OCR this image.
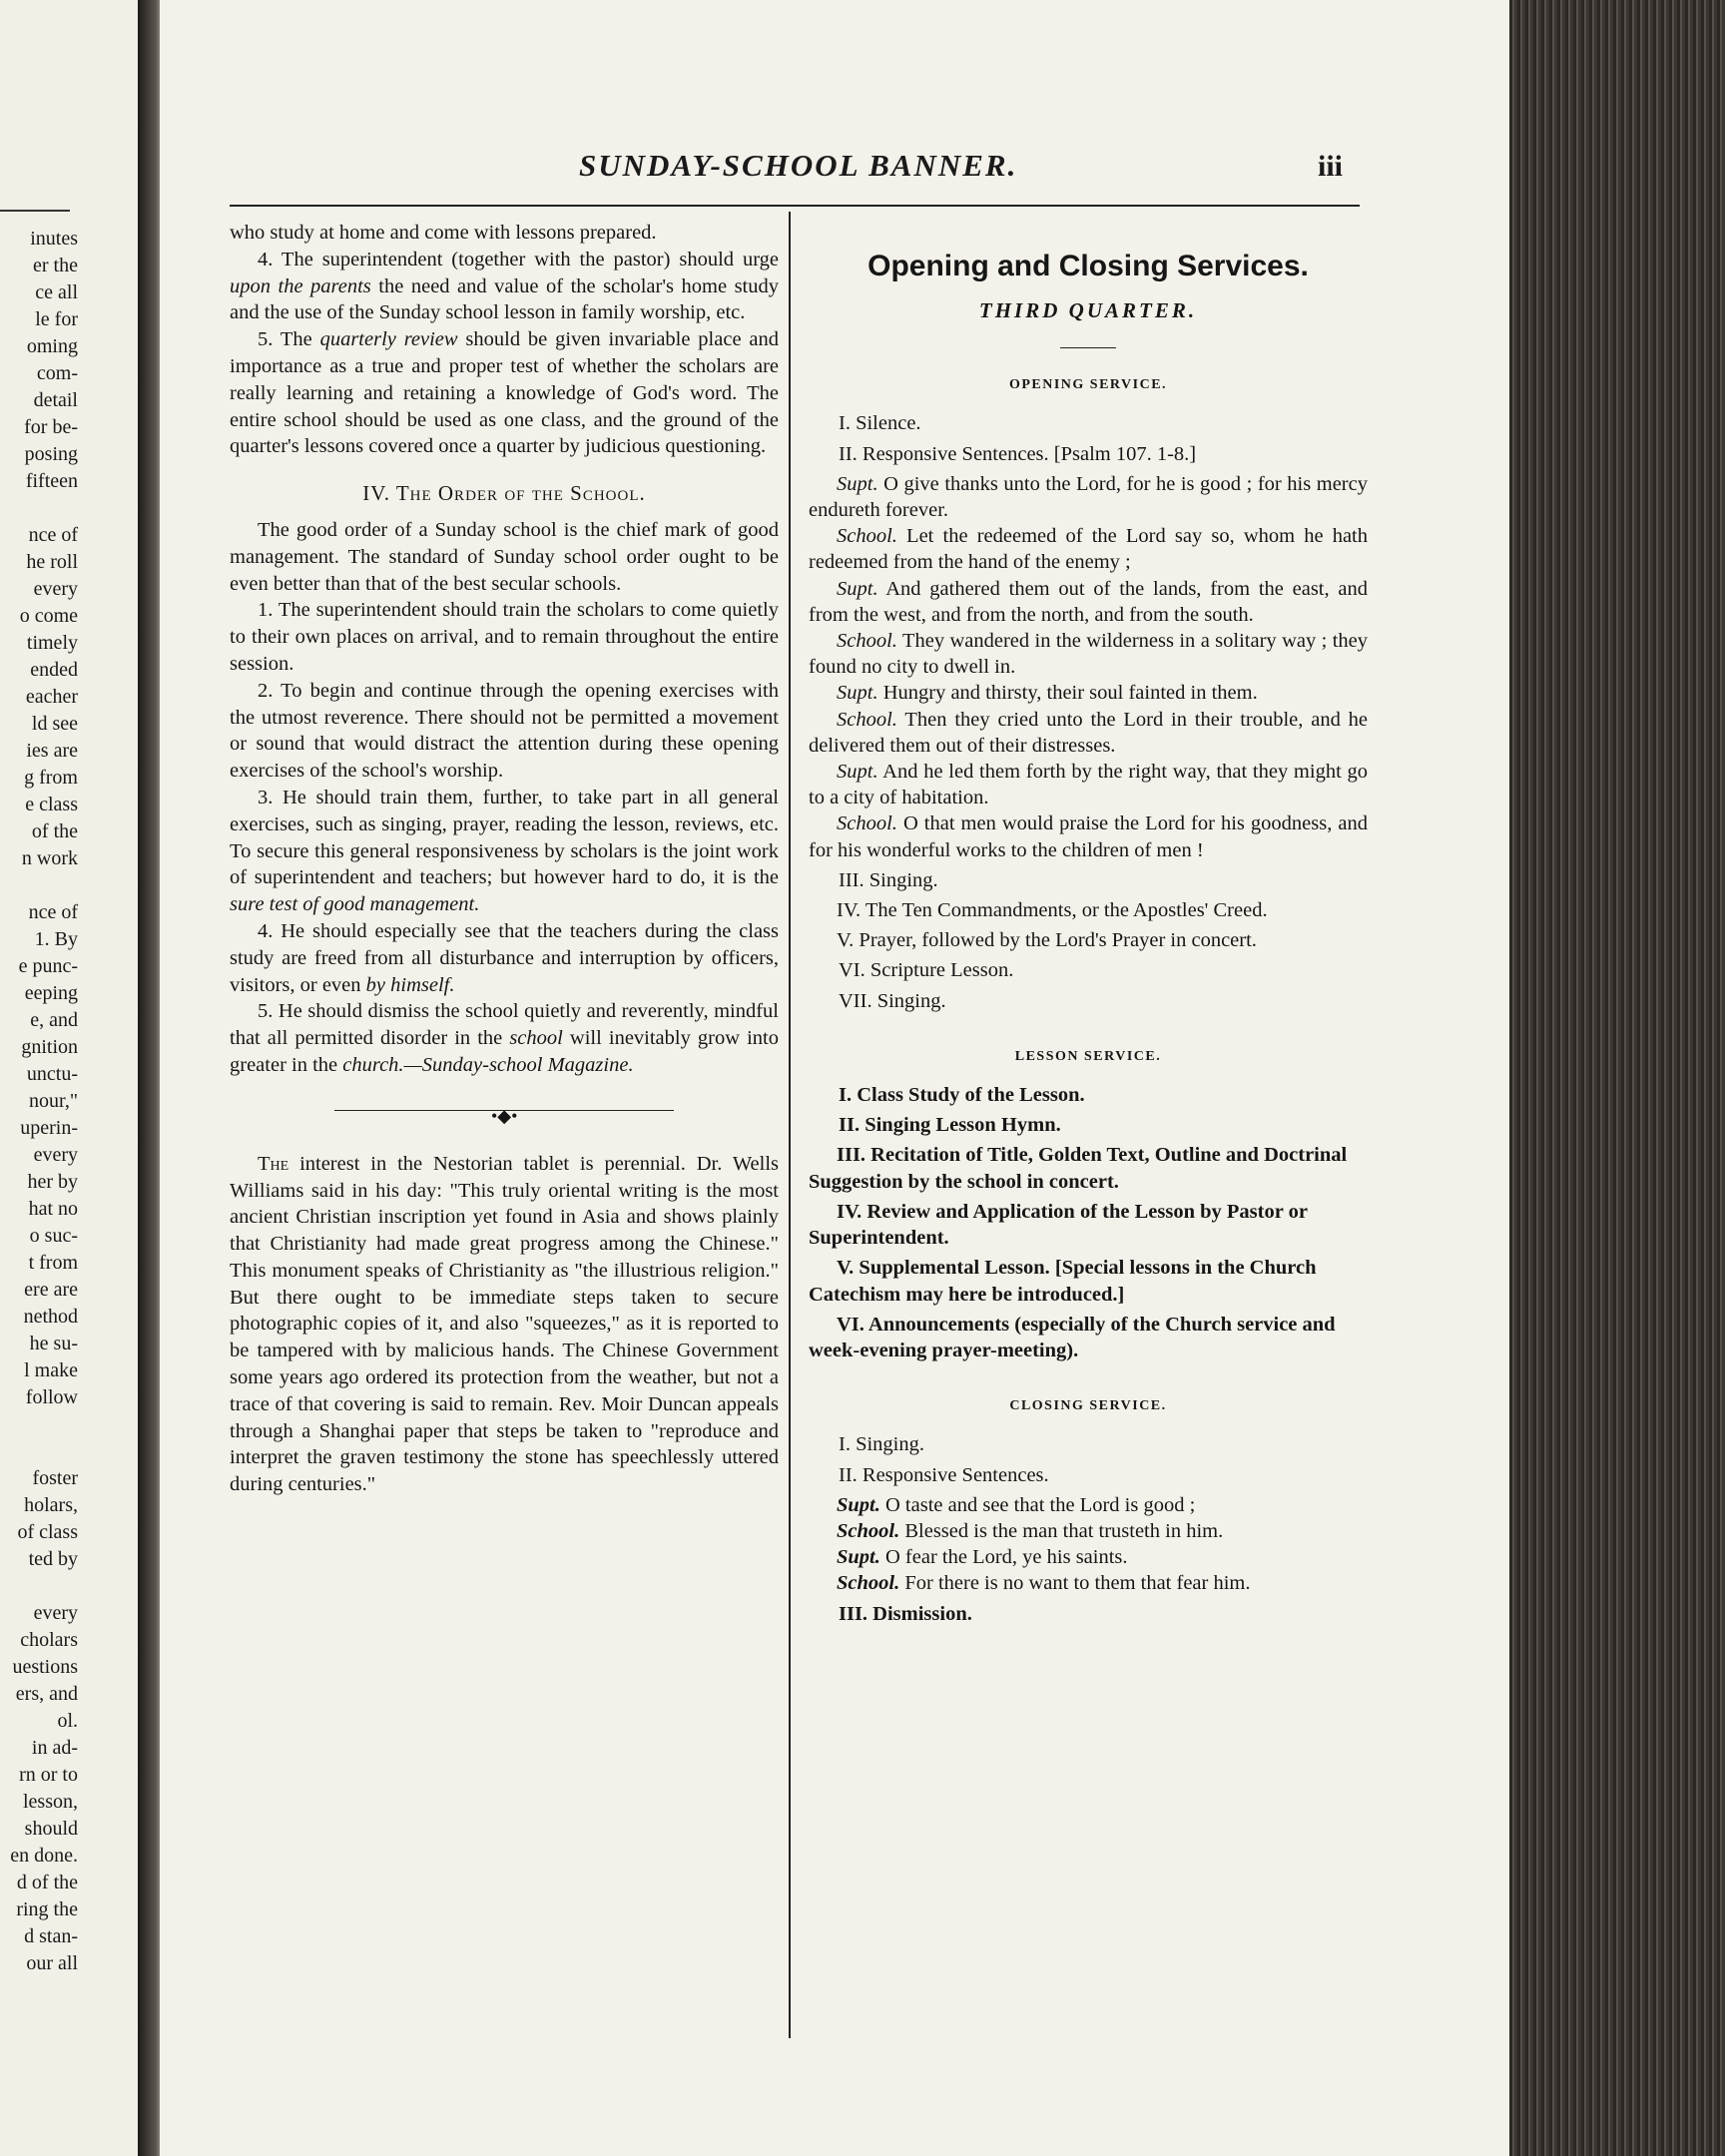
inutes
er the
ce all
le for
oming
com-
detail
for be-
posing
fifteen
nce of
he roll
every
o come
timely
ended
eacher
ld see
ies are
g from
e class
of the
n work
nce of
1. By
e punc-
eeping
e, and
gnition
unctu-
nour,"
uperin-
every
her by
hat no
o suc-
t from
ere are
nethod
he su-
l make
follow
foster
holars,
of class
ted by
every
cholars
uestions
ers, and
ol.
in ad-
rn or to
lesson,
should
en done.
d of the
ring the
d stan-
our all
SUNDAY-SCHOOL BANNER.	iii

who study at home and come with lessons prepared.

4. The superintendent (together with the pastor) should urge upon the parents the need and value of the scholar's home study and the use of the Sunday school lesson in family worship, etc.

5. The quarterly review should be given invariable place and importance as a true and proper test of whether the scholars are really learning and retaining a knowledge of God's word. The entire school should be used as one class, and the ground of the quarter's lessons covered once a quarter by judicious questioning.

IV. The Order of the School.

The good order of a Sunday school is the chief mark of good management. The standard of Sunday school order ought to be even better than that of the best secular schools.

1. The superintendent should train the scholars to come quietly to their own places on arrival, and to remain throughout the entire session.

2. To begin and continue through the opening exercises with the utmost reverence. There should not be permitted a movement or sound that would distract the attention during these opening exercises of the school's worship.

3. He should train them, further, to take part in all general exercises, such as singing, prayer, reading the lesson, reviews, etc. To secure this general responsiveness by scholars is the joint work of superintendent and teachers; but however hard to do, it is the sure test of good management.

4. He should especially see that the teachers during the class study are freed from all disturbance and interruption by officers, visitors, or even by himself.

5. He should dismiss the school quietly and reverently, mindful that all permitted disorder in the school will inevitably grow into greater in the church.—Sunday-school Magazine.

•◆•

The interest in the Nestorian tablet is perennial. Dr. Wells Williams said in his day: "This truly oriental writing is the most ancient Christian inscription yet found in Asia and shows plainly that Christianity had made great progress among the Chinese." This monument speaks of Christianity as "the illustrious religion." But there ought to be immediate steps taken to secure photographic copies of it, and also "squeezes," as it is reported to be tampered with by malicious hands. The Chinese Government some years ago ordered its protection from the weather, but not a trace of that covering is said to remain. Rev. Moir Duncan appeals through a Shanghai paper that steps be taken to "reproduce and interpret the graven testimony the stone has speechlessly uttered during centuries."

Opening and Closing Services.
THIRD QUARTER.
OPENING SERVICE.
I. Silence.
II. Responsive Sentences. [Psalm 107. 1-8.]
Supt. O give thanks unto the Lord, for he is good ; for his mercy endureth forever.
School. Let the redeemed of the Lord say so, whom he hath redeemed from the hand of the enemy ;
Supt. And gathered them out of the lands, from the east, and from the west, and from the north, and from the south.
School. They wandered in the wilderness in a solitary way ; they found no city to dwell in.
Supt. Hungry and thirsty, their soul fainted in them.
School. Then they cried unto the Lord in their trouble, and he delivered them out of their distresses.
Supt. And he led them forth by the right way, that they might go to a city of habitation.
School. O that men would praise the Lord for his goodness, and for his wonderful works to the children of men !
III. Singing.
IV. The Ten Commandments, or the Apostles' Creed.
V. Prayer, followed by the Lord's Prayer in concert.
VI. Scripture Lesson.
VII. Singing.
LESSON SERVICE.
I. Class Study of the Lesson.
II. Singing Lesson Hymn.
III. Recitation of Title, Golden Text, Outline and Doctrinal Suggestion by the school in concert.
IV. Review and Application of the Lesson by Pastor or Superintendent.
V. Supplemental Lesson. [Special lessons in the Church Catechism may here be introduced.]
VI. Announcements (especially of the Church service and week-evening prayer-meeting).
CLOSING SERVICE.
I. Singing.
II. Responsive Sentences.
Supt. O taste and see that the Lord is good ;
School. Blessed is the man that trusteth in him.
Supt. O fear the Lord, ye his saints.
School. For there is no want to them that fear him.
III. Dismission.
